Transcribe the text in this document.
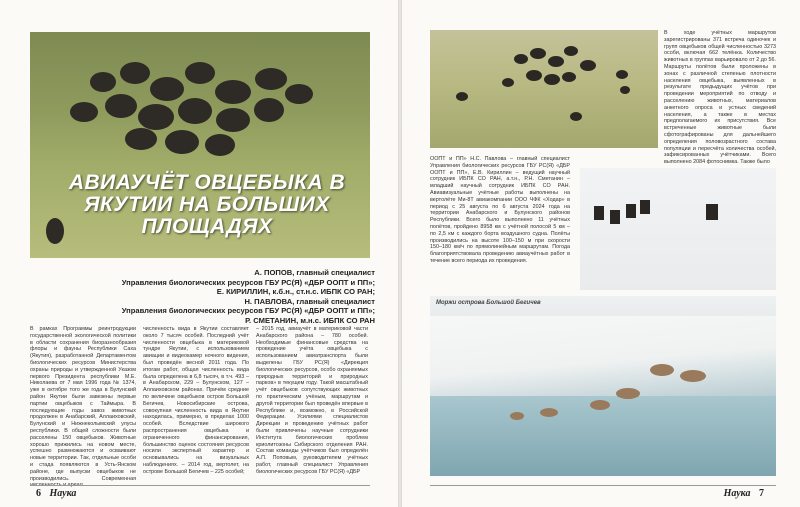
АВИАУЧЁТ ОВЦЕБЫКА В ЯКУТИИ НА БОЛЬШИХ ПЛОЩАДЯХ
А. ПОПОВ, главный специалист
Управления биологических ресурсов ГБУ РС(Я) «ДБР ООПТ и ПП»;
Е. КИРИЛЛИН, к.б.н., ст.н.с. ИБПК СО РАН;
Н. ПАВЛОВА, главный специалист
Управления биологических ресурсов ГБУ РС(Я) «ДБР ООПТ и ПП»;
Р. СМЕТАНИН, м.н.с. ИБПК СО РАН
В рамках Программы реинтродукции государственной экологической политики в области сохранения биоразнообразия флоры и фауны Республики Саха (Якутия), разработанной Департаментом биологических ресурсов Министерства охраны природы и утвержденной Указом первого Президента республики М.Е. Николаева от 7 мая 1996 года № 1374, уже в октябре того же года в Булунский район Якутии были завезены первые партии овцебыков с Таймыра. В последующие годы завоз животных продолжен в Анабарский, Аллаиховский, Булунский и Нижнеколымский улусы республики. В общей сложности были расселены 150 овцебыков. Животные хорошо прижились на новом месте, успешно размножаются и осваивают новые территории. Так, отдельные особи и стада появляются в Усть-Янском районе, где выпуски овцебыков не производились. Современная
численность видa в Якутии составляет около 7 тысяч особей. Последний учёт численности овцебыка в материковой тундре Якутии, с использованием авиации и видеокамер ночного видения, был проведён весной 2011 года. По итогам работ, общая численность вида была определена в 6,8 тысяч, в т.ч. 493 – в Анабарском, 229 – Булунском, 127 – Аллаиховском районах. Причём средние по величине овцебыков остров Большой Бегичев, Новосибирские острова, совокупная численность вида в Якутии находилась, примерно, в пределах 1000 особей. Вследствие широкого распространения овцебыка и ограниченного финансирования, большинство оценок состояния ресурсов носили экспертный характер и основывались на визуальных наблюдениях. – 2014 год, вертолет, на острове Большой Бегичев – 225 особей;
– 2015 год, авиаучёт в материковой части Анабарского района – 780 особей. Необходимые финансовые средства на проведение учёта овцебыка с использованием авиатранспорта были выделены ГБУ РС(Я) «Дирекция биологических ресурсов, особо охраняемых природных территорий и природных парков» в текущем году. Такой масштабный учёт овцебыков сопутствующих животных по практическим учёным, маршрутам и другой территории был проведён впервые в Республике и, возможно, в Российской Федерации. Усилиями специалистов Дирекции и проведению учётных работ были привлечены научные сотрудники Института биологических проблем криолитозоны Сибирского отделения РАН. Состав команды учётчиков был определён А.П. Поповым, руководителем учётных работ, главный специалист Управления биологических ресурсов ГБУ РС(Я) «ДБР
6 Наука
В ходе учётных маршрутов зарегистрированы 371 встреча одиночек и групп овцебыков общей численностью 3273 особи, включая 662 телёнка. Количество животных в группах варьировало от 2 до 56. Маршруты полётов были проложены в зонах с различной степенью плотности населения овцебыка, выявленных в результате предыдущих учётов при проведении мероприятий по отводу и расселению животных, материалов анкетного опроса и устных сведений населения, а также в местах предполагаемого их присутствия. Все встреченные животные были сфотографированы для дальнейшего определения половозрастного состава популяции и пересчёта количества особей, зафиксированных учётчиками. Всего выполнено 2084 фотоснимка. Также было
ООПТ и ПП» Н.С. Павлова – главный специалист Управления биологических ресурсов ГБУ РС(Я) «ДБР ООПТ и ПП», Е.В. Кириллин – ведущий научный сотрудник ИБПК СО РАН, а.т.н., Р.Н. Сметанин – младший научный сотрудник ИБПК СО РАН. Авиавизуальные учётные работы выполнены на вертолёте Ми-8Т авиакомпании ООО ЧФК «Ходар» в период с 25 августа по 6 августа 2024 года на территории Анабарского и Булунского районов Республики. Всего было выполнено 11 учётных полётов, пройдено 8958 км с учётной полосой 5 км – по 2,5 км с каждого борта воздушного судна. Полёты производились на высоте 100–150 м при скорости 150–180 км/ч по прямолинейным маршрутам. Погода благоприятствовала проведению авиаучётных работ в течение всего периода их проведения.
Моржи острова Большой Бегичев
Наука 7
